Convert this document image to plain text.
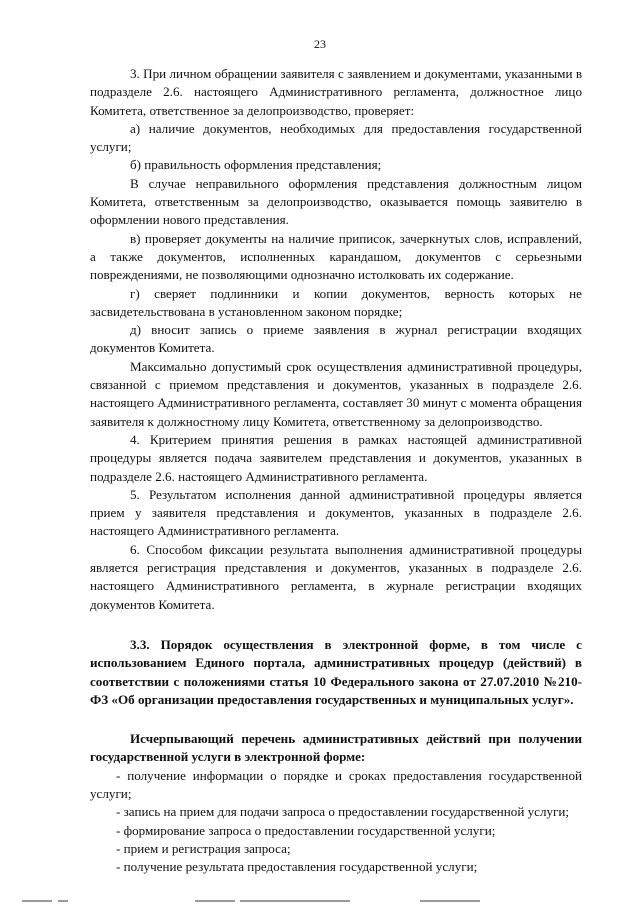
23

3. При личном обращении заявителя с заявлением и документами, указанными в подразделе 2.6. настоящего Административного регламента, должностное лицо Комитета, ответственное за делопроизводство, проверяет:

а) наличие документов, необходимых для предоставления государственной услуги;

б) правильность оформления представления;

В случае неправильного оформления представления должностным лицом Комитета, ответственным за делопроизводство, оказывается помощь заявителю в оформлении нового представления.

в) проверяет документы на наличие приписок, зачеркнутых слов, исправлений, а также документов, исполненных карандашом, документов с серьезными повреждениями, не позволяющими однозначно истолковать их содержание.

г) сверяет подлинники и копии документов, верность которых не засвидетельствована в установленном законом порядке;

д) вносит запись о приеме заявления в журнал регистрации входящих документов Комитета.

Максимально допустимый срок осуществления административной процедуры, связанной с приемом представления и документов, указанных в подразделе 2.6. настоящего Административного регламента, составляет 30 минут с момента обращения заявителя к должностному лицу Комитета, ответственному за делопроизводство.

4. Критерием принятия решения в рамках настоящей административной процедуры является подача заявителем представления и документов, указанных в подразделе 2.6. настоящего Административного регламента.

5. Результатом исполнения данной административной процедуры является прием у заявителя представления и документов, указанных в подразделе 2.6. настоящего Административного регламента.

6. Способом фиксации результата выполнения административной процедуры является регистрация представления и документов, указанных в подразделе 2.6. настоящего Административного регламента, в журнале регистрации входящих документов Комитета.

3.3. Порядок осуществления в электронной форме, в том числе с использованием Единого портала, административных процедур (действий) в соответствии с положениями статья 10 Федерального закона от 27.07.2010 №210-ФЗ «Об организации предоставления государственных и муниципальных услуг».

Исчерпывающий перечень административных действий при получении государственной услуги в электронной форме:

- получение информации о порядке и сроках предоставления государственной услуги;

- запись на прием для подачи запроса о предоставлении государственной услуги;

- формирование запроса о предоставлении государственной услуги;

- прием и регистрация запроса;

- получение результата предоставления государственной услуги;
